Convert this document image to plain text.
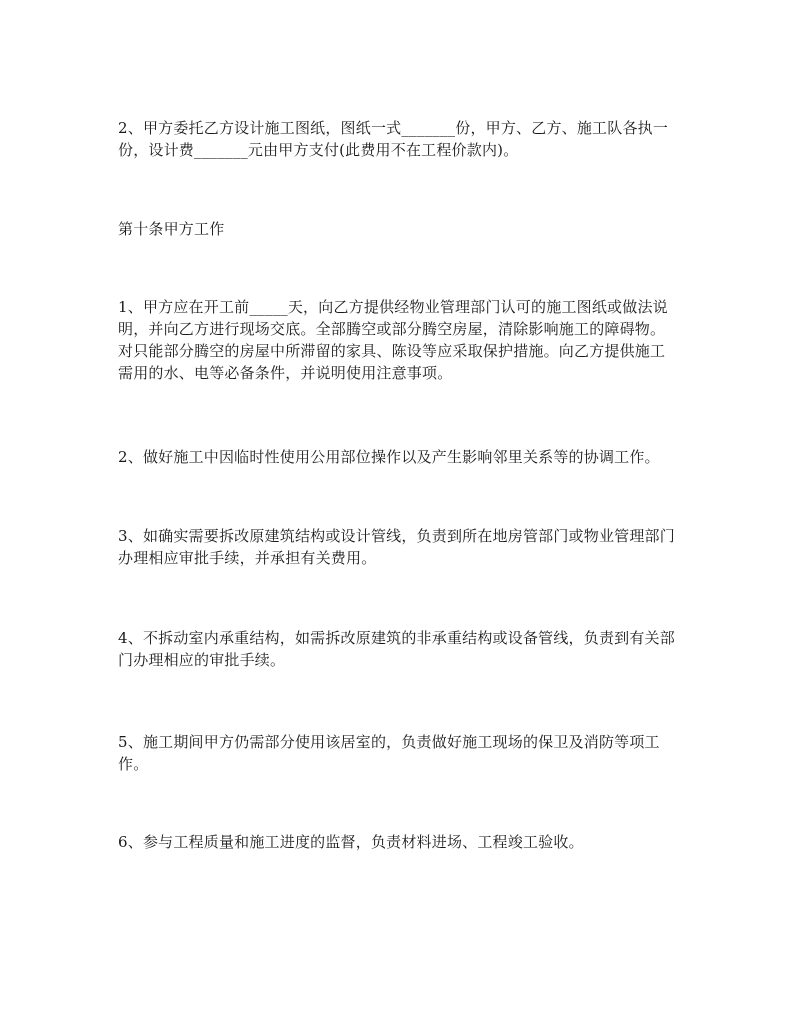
2、甲方委托乙方设计施工图纸，图纸一式_______份，甲方、乙方、施工队各执一份，设计费_______元由甲方支付(此费用不在工程价款内)。

第十条甲方工作

1、甲方应在开工前_____天，向乙方提供经物业管理部门认可的施工图纸或做法说明，并向乙方进行现场交底。全部腾空或部分腾空房屋，清除影响施工的障碍物。对只能部分腾空的房屋中所滞留的家具、陈设等应采取保护措施。向乙方提供施工需用的水、电等必备条件，并说明使用注意事项。

2、做好施工中因临时性使用公用部位操作以及产生影响邻里关系等的协调工作。

3、如确实需要拆改原建筑结构或设计管线，负责到所在地房管部门或物业管理部门办理相应审批手续，并承担有关费用。

4、不拆动室内承重结构，如需拆改原建筑的非承重结构或设备管线，负责到有关部门办理相应的审批手续。

5、施工期间甲方仍需部分使用该居室的，负责做好施工现场的保卫及消防等项工作。

6、参与工程质量和施工进度的监督，负责材料进场、工程竣工验收。
